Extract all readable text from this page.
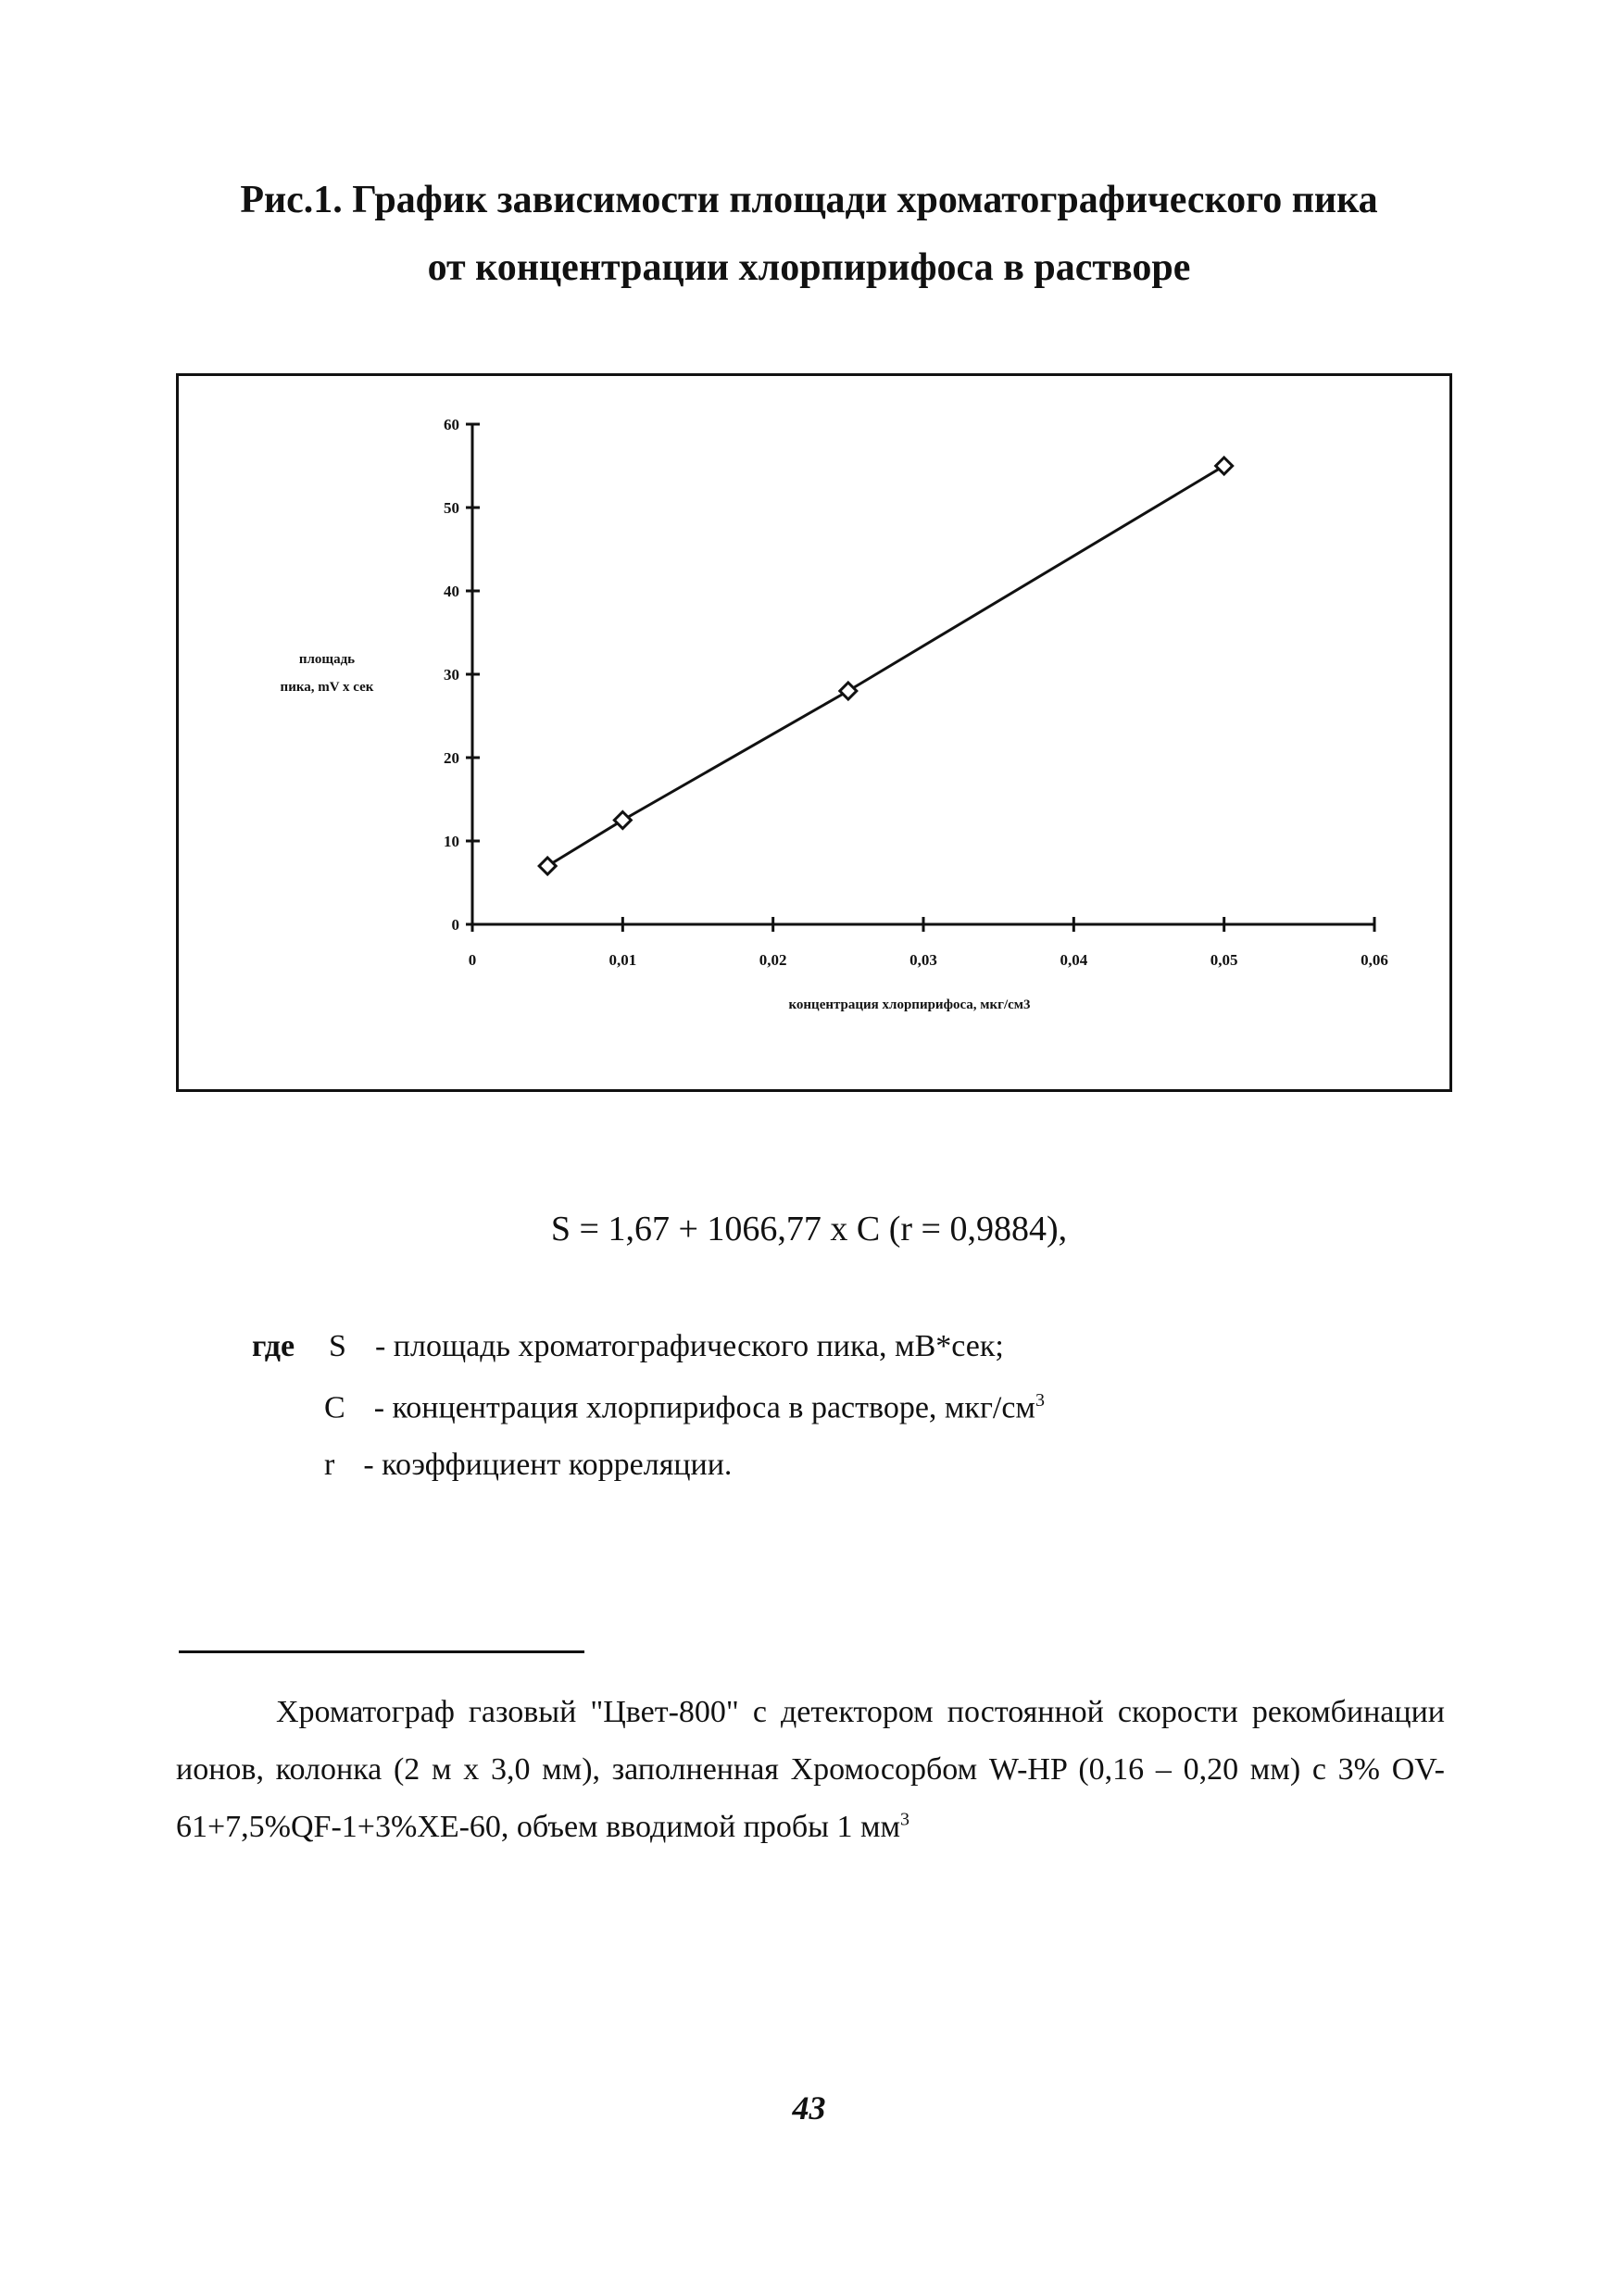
Рис.1. График зависимости площади хроматографического пика
от концентрации хлорпирифоса в растворе
0
10
20
30
40
50
60
0	0,01	0,02	0,03	0,04	0,05	0,06
концентрация хлорпирифоса, мкг/см3
площадь
пика, mV x сек
S = 1,67 + 1066,77 x C (r = 0,9884),
где S - площадь хроматографического пика, мВ*сек;
С - концентрация хлорпирифоса в растворе, мкг/$см^3$
r - коэффициент корреляции.
Хроматограф газовый "Цвет-800" с детектором постоянной скорости рекомбинации ионов, колонка (2 м х 3,0 мм), заполненная Хромосорбом W-HP (0,16 – 0,20 мм) с 3% OV-61+7,5%QF-1+3%XE-60, объем вводимой пробы 1 $мм^3$
43
